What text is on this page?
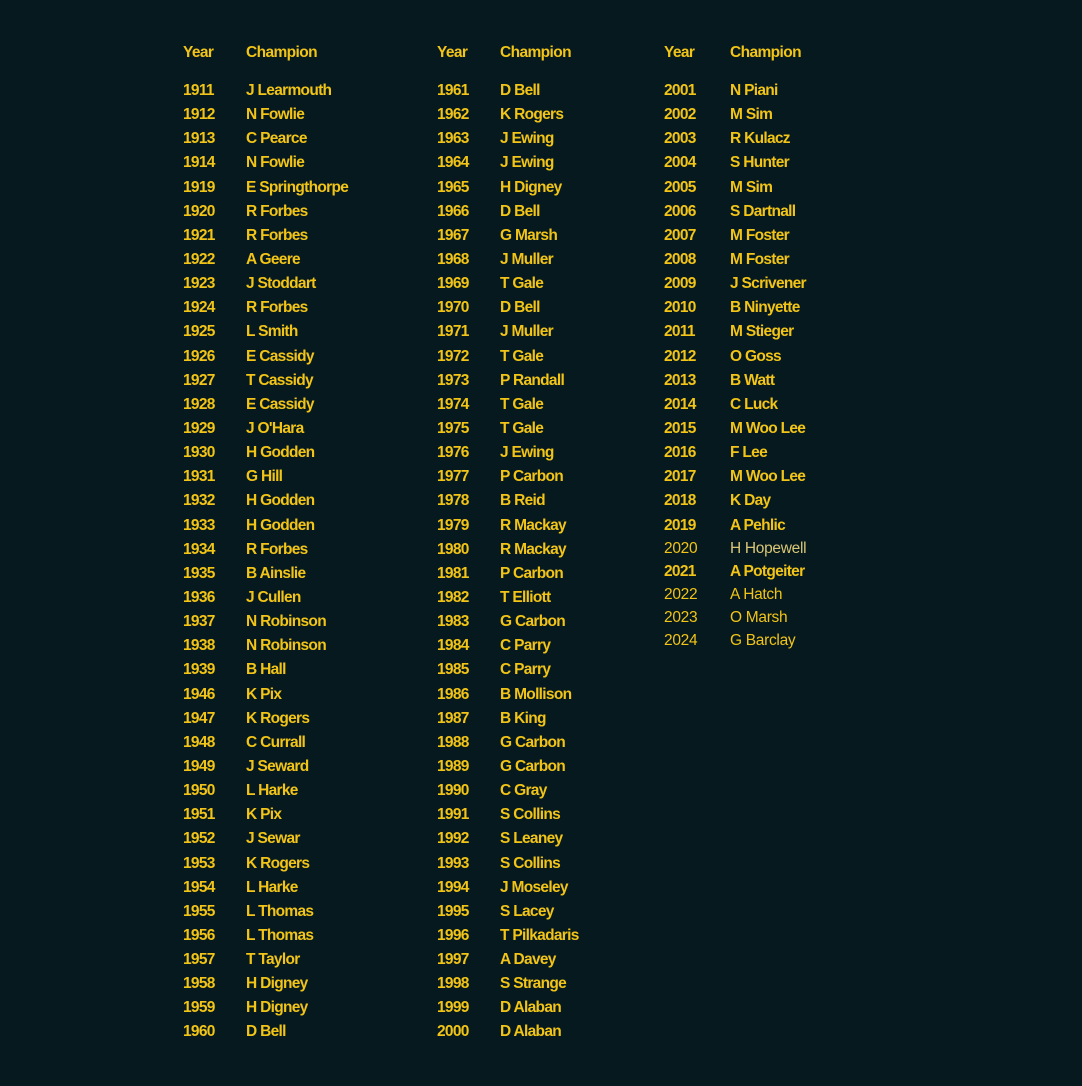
Year	Champion
1911	J Learmouth
1912	N Fowlie
1913	C Pearce
1914	N Fowlie
1919	E Springthorpe
1920	R Forbes
1921	R Forbes
1922	A Geere
1923	J Stoddart
1924	R Forbes
1925	L Smith
1926	E Cassidy
1927	T Cassidy
1928	E Cassidy
1929	J O'Hara
1930	H Godden
1931	G Hill
1932	H Godden
1933	H Godden
1934	R Forbes
1935	B Ainslie
1936	J Cullen
1937	N Robinson
1938	N Robinson
1939	B Hall
1946	K Pix
1947	K Rogers
1948	C Currall
1949	J Seward
1950	L Harke
1951	K Pix
1952	J Sewar
1953	K Rogers
1954	L Harke
1955	L Thomas
1956	L Thomas
1957	T Taylor
1958	H Digney
1959	H Digney
1960	D Bell
Year	Champion
1961	D Bell
1962	K Rogers
1963	J Ewing
1964	J Ewing
1965	H Digney
1966	D Bell
1967	G Marsh
1968	J Muller
1969	T Gale
1970	D Bell
1971	J Muller
1972	T Gale
1973	P Randall
1974	T Gale
1975	T Gale
1976	J Ewing
1977	P Carbon
1978	B Reid
1979	R Mackay
1980	R Mackay
1981	P Carbon
1982	T Elliott
1983	G Carbon
1984	C Parry
1985	C Parry
1986	B Mollison
1987	B King
1988	G Carbon
1989	G Carbon
1990	C Gray
1991	S Collins
1992	S Leaney
1993	S Collins
1994	J Moseley
1995	S Lacey
1996	T Pilkadaris
1997	A Davey
1998	S Strange
1999	D Alaban
2000	D Alaban
Year	Champion
2001	N Piani
2002	M Sim
2003	R Kulacz
2004	S Hunter
2005	M Sim
2006	S Dartnall
2007	M Foster
2008	M Foster
2009	J Scrivener
2010	B Ninyette
2011	M Stieger
2012	O Goss
2013	B Watt
2014	C Luck
2015	M Woo Lee
2016	F Lee
2017	M Woo Lee
2018	K Day
2019	A Pehlic
2020	H Hopewell
2021	A Potgeiter
2022	A Hatch
2023	O Marsh
2024	G Barclay
